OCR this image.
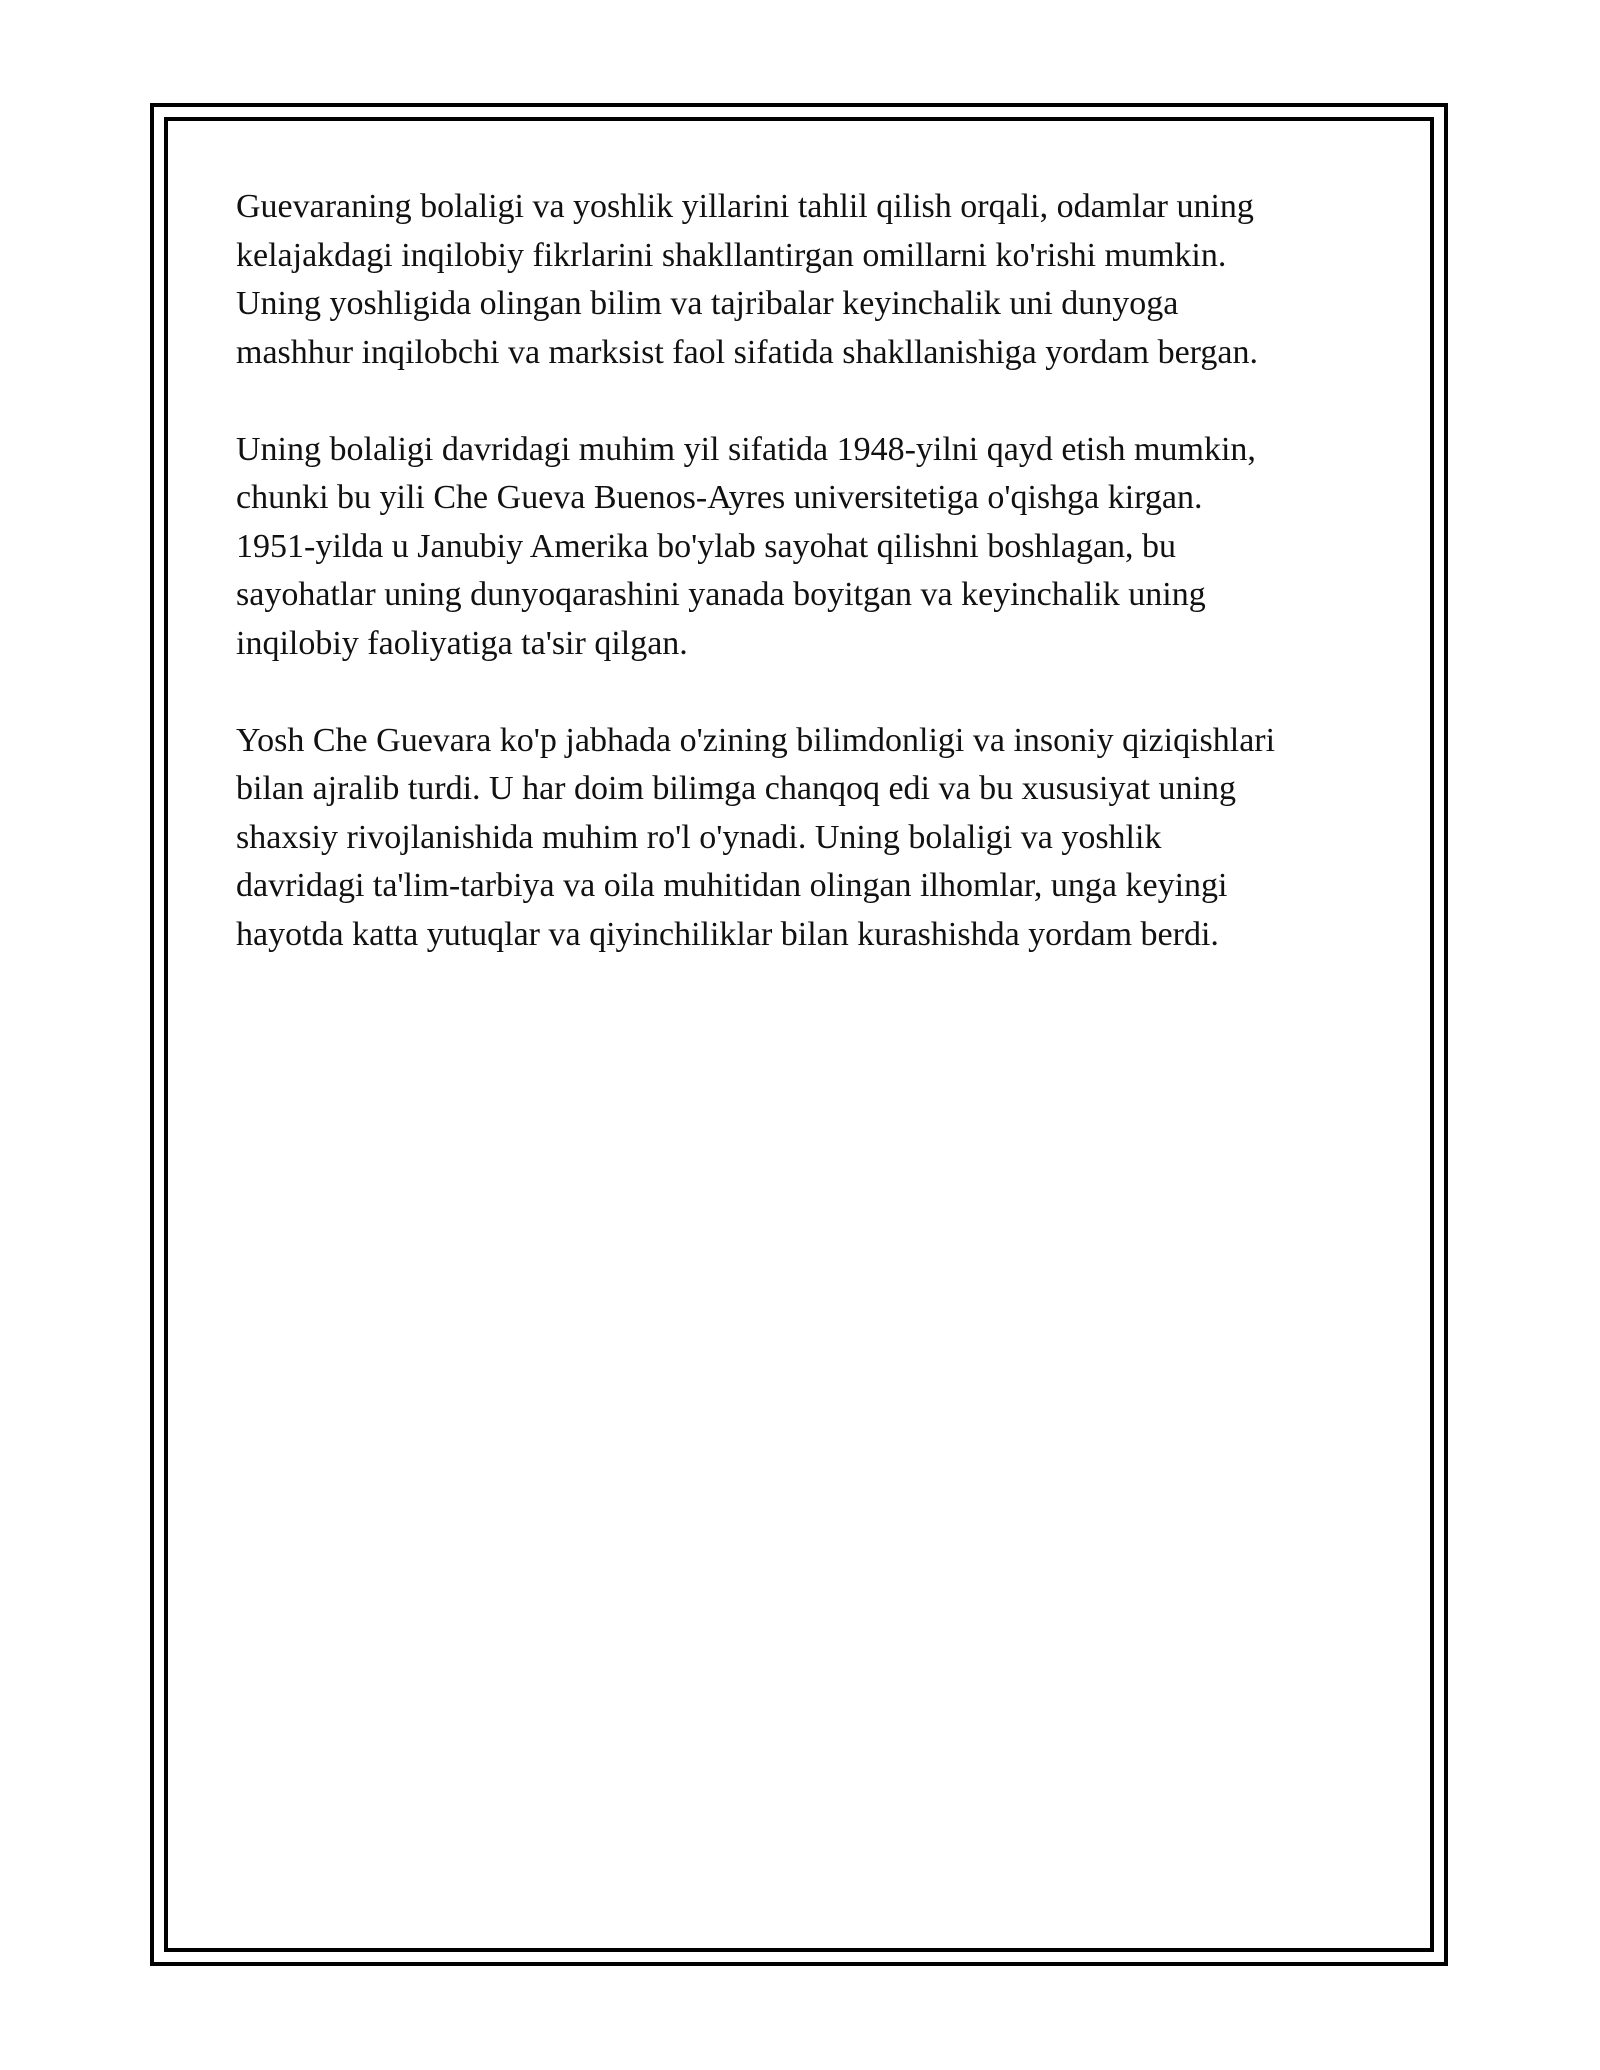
Guevaraning bolaligi va yoshlik yillarini tahlil qilish orqali, odamlar uning
kelajakdagi inqilobiy fikrlarini shakllantirgan omillarni ko'rishi mumkin.
Uning yoshligida olingan bilim va tajribalar keyinchalik uni dunyoga
mashhur inqilobchi va marksist faol sifatida shakllanishiga yordam bergan.

Uning bolaligi davridagi muhim yil sifatida 1948-yilni qayd etish mumkin,
chunki bu yili Che Gueva Buenos-Ayres universitetiga o'qishga kirgan.
1951-yilda u Janubiy Amerika bo'ylab sayohat qilishni boshlagan, bu
sayohatlar uning dunyoqarashini yanada boyitgan va keyinchalik uning
inqilobiy faoliyatiga ta'sir qilgan.

Yosh Che Guevara ko'p jabhada o'zining bilimdonligi va insoniy qiziqishlari
bilan ajralib turdi. U har doim bilimga chanqoq edi va bu xususiyat uning
shaxsiy rivojlanishida muhim ro'l o'ynadi. Uning bolaligi va yoshlik
davridagi ta'lim-tarbiya va oila muhitidan olingan ilhomlar, unga keyingi
hayotda katta yutuqlar va qiyinchiliklar bilan kurashishda yordam berdi.
